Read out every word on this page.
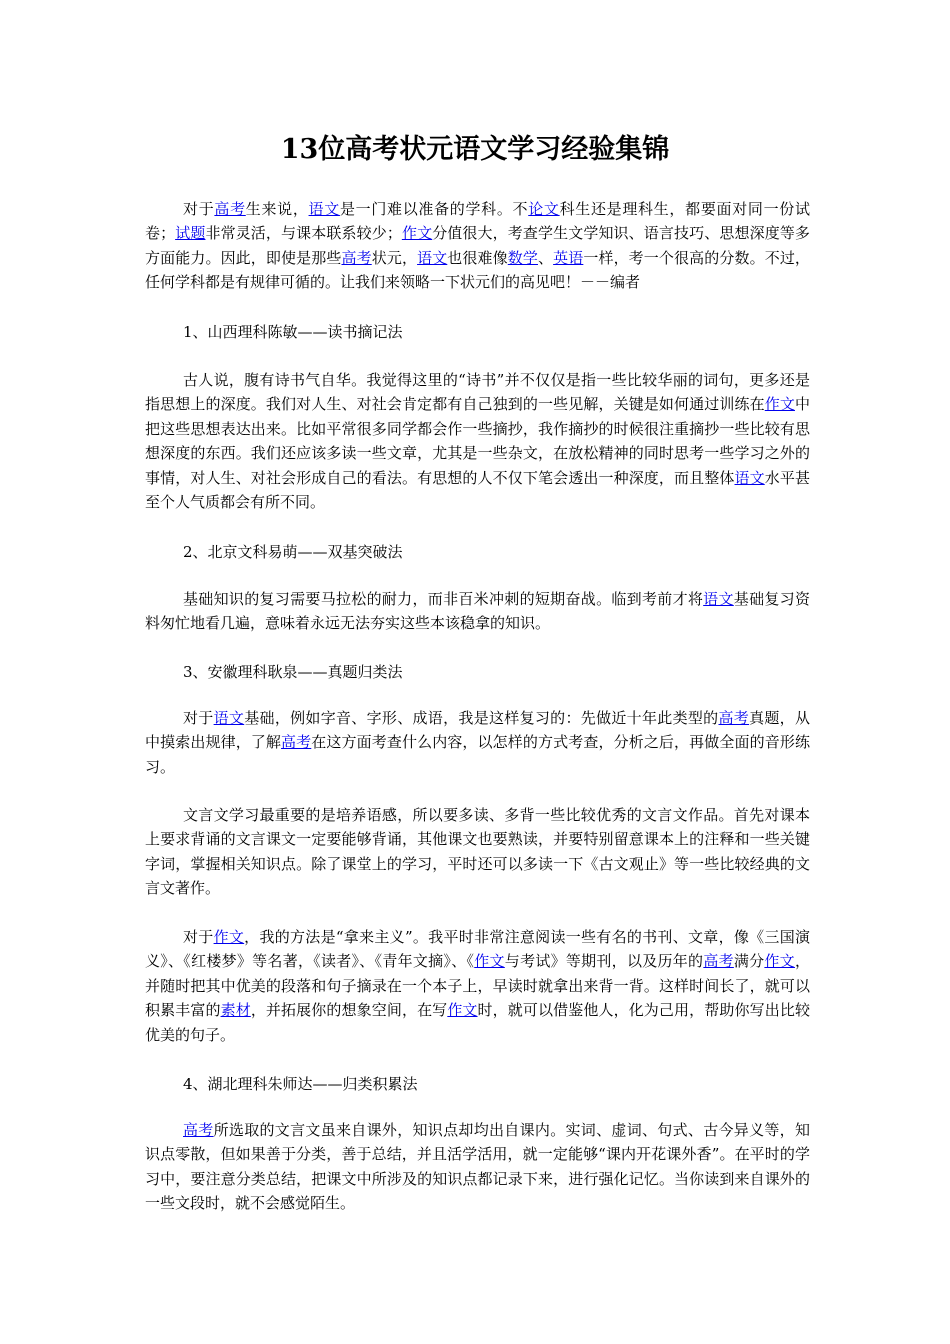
13位高考状元语文学习经验集锦

对于高考生来说，语文是一门难以准备的学科。不论文科生还是理科生，都要面对同一份试卷；试题非常灵活，与课本联系较少；作文分值很大，考查学生文学知识、语言技巧、思想深度等多方面能力。因此，即使是那些高考状元，语文也很难像数学、英语一样，考一个很高的分数。不过，任何学科都是有规律可循的。让我们来领略一下状元们的高见吧！－－编者

1、山西理科陈敏——读书摘记法

古人说，腹有诗书气自华。我觉得这里的“诗书”并不仅仅是指一些比较华丽的词句，更多还是指思想上的深度。我们对人生、对社会肯定都有自己独到的一些见解，关键是如何通过训练在作文中把这些思想表达出来。比如平常很多同学都会作一些摘抄，我作摘抄的时候很注重摘抄一些比较有思想深度的东西。我们还应该多读一些文章，尤其是一些杂文，在放松精神的同时思考一些学习之外的事情，对人生、对社会形成自己的看法。有思想的人不仅下笔会透出一种深度，而且整体语文水平甚至个人气质都会有所不同。

2、北京文科易萌——双基突破法

基础知识的复习需要马拉松的耐力，而非百米冲刺的短期奋战。临到考前才将语文基础复习资料匆忙地看几遍，意味着永远无法夯实这些本该稳拿的知识。

3、安徽理科耿泉——真题归类法

对于语文基础，例如字音、字形、成语，我是这样复习的：先做近十年此类型的高考真题，从中摸索出规律，了解高考在这方面考查什么内容，以怎样的方式考查，分析之后，再做全面的音形练习。

文言文学习最重要的是培养语感，所以要多读、多背一些比较优秀的文言文作品。首先对课本上要求背诵的文言课文一定要能够背诵，其他课文也要熟读，并要特别留意课本上的注释和一些关键字词，掌握相关知识点。除了课堂上的学习，平时还可以多读一下《古文观止》等一些比较经典的文言文著作。

对于作文，我的方法是“拿来主义”。我平时非常注意阅读一些有名的书刊、文章，像《三国演义》、《红楼梦》等名著，《读者》、《青年文摘》、《作文与考试》等期刊，以及历年的高考满分作文，并随时把其中优美的段落和句子摘录在一个本子上，早读时就拿出来背一背。这样时间长了，就可以积累丰富的素材，并拓展你的想象空间，在写作文时，就可以借鉴他人，化为己用，帮助你写出比较优美的句子。

4、湖北理科朱师达——归类积累法

高考所选取的文言文虽来自课外，知识点却均出自课内。实词、虚词、句式、古今异义等，知识点零散，但如果善于分类，善于总结，并且活学活用，就一定能够“课内开花课外香”。在平时的学习中，要注意分类总结，把课文中所涉及的知识点都记录下来，进行强化记忆。当你读到来自课外的一些文段时，就不会感觉陌生。
